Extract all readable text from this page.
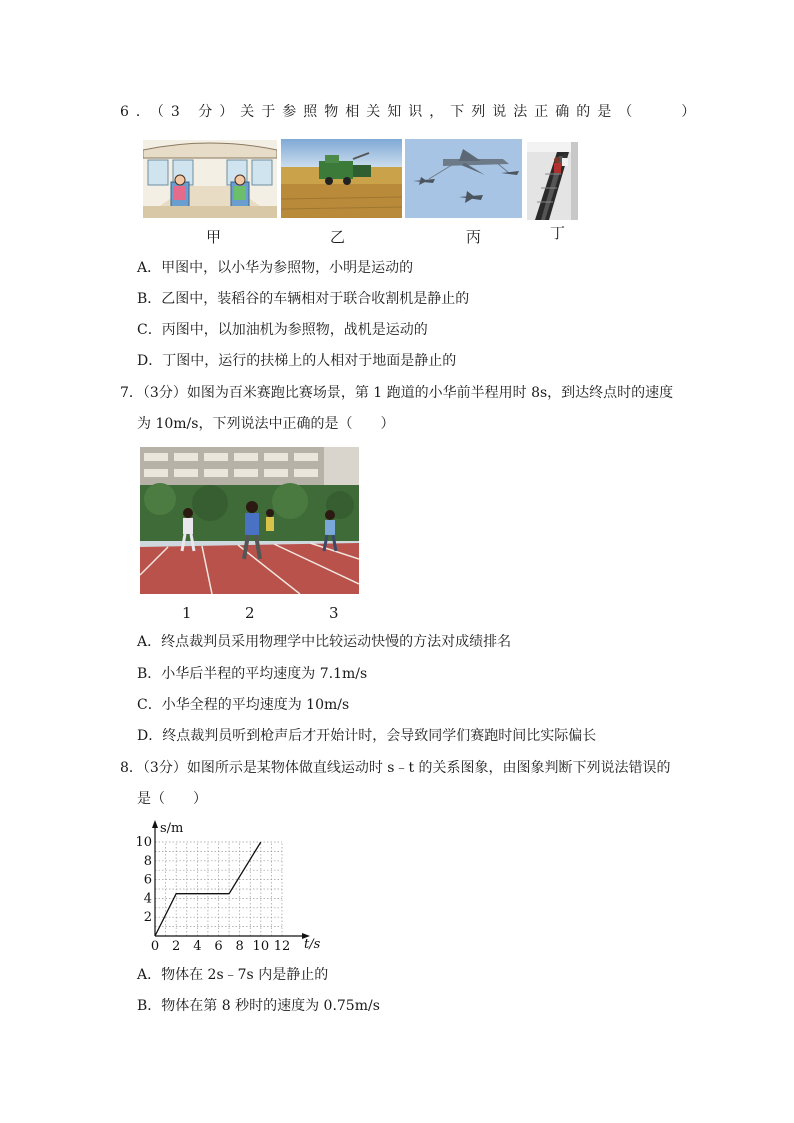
6．（3 分）关于参照物相关知识，下列说法正确的是（　　）
甲	乙	丙	丁
A．甲图中，以小华为参照物，小明是运动的
B．乙图中，装稻谷的车辆相对于联合收割机是静止的
C．丙图中，以加油机为参照物，战机是运动的
D．丁图中，运行的扶梯上的人相对于地面是静止的
7．（3分）如图为百米赛跑比赛场景，第 1 跑道的小华前半程用时 8s，到达终点时的速度
为 10m/s，下列说法中正确的是（　　）
1	2	3
A．终点裁判员采用物理学中比较运动快慢的方法对成绩排名
B．小华后半程的平均速度为 7.1m/s
C．小华全程的平均速度为 10m/s
D．终点裁判员听到枪声后才开始计时，会导致同学们赛跑时间比实际偏长
8．（3分）如图所示是某物体做直线运动时 s﹣t 的关系图象，由图象判断下列说法错误的
是（　　）
0 2 4 6 8 10 12
2
4
6
8
10
t/s
s/m
A．物体在 2s﹣7s 内是静止的
B．物体在第 8 秒时的速度为 0.75m/s
